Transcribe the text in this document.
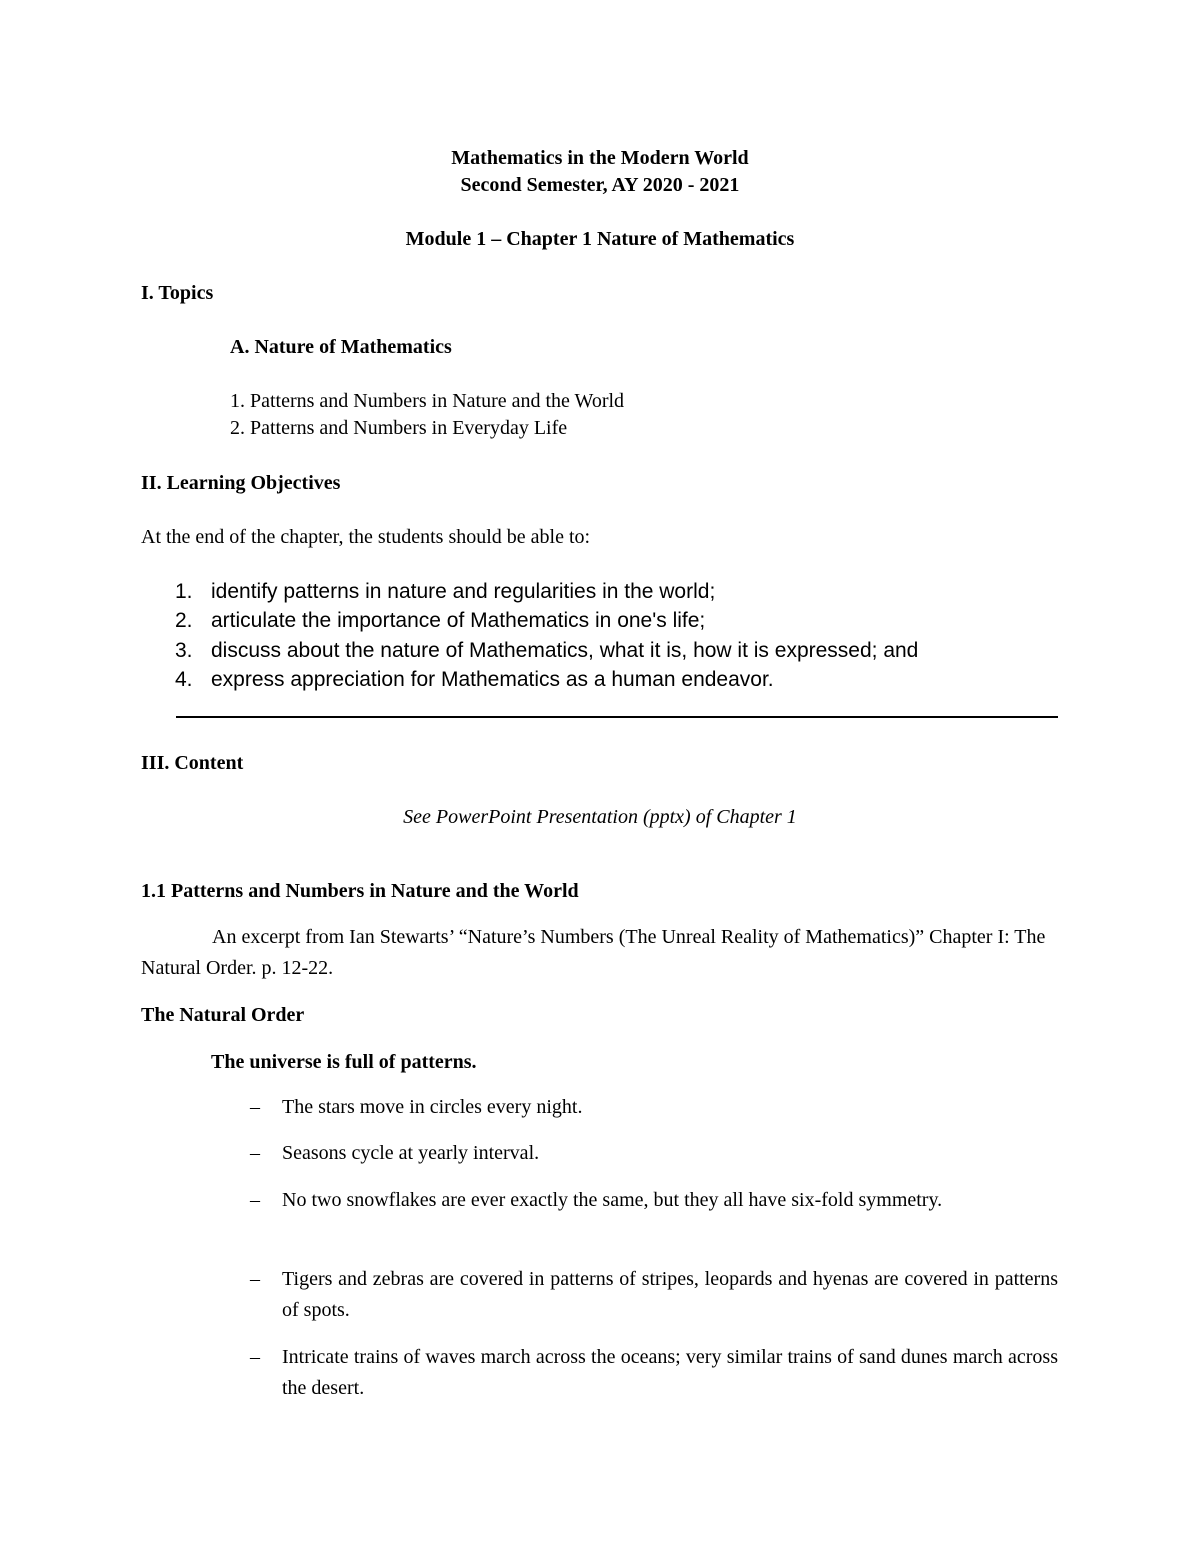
Mathematics in the Modern World
Second Semester, AY 2020 - 2021
Module 1 – Chapter 1 Nature of Mathematics
I. Topics
A. Nature of Mathematics
1. Patterns and Numbers in Nature and the World
2. Patterns and Numbers in Everyday Life
II. Learning Objectives
At the end of the chapter, the students should be able to:
1. identify patterns in nature and regularities in the world;
2. articulate the importance of Mathematics in one's life;
3. discuss about the nature of Mathematics, what it is, how it is expressed; and
4. express appreciation for Mathematics as a human endeavor.
III. Content
See PowerPoint Presentation (pptx) of Chapter 1
1.1 Patterns and Numbers in Nature and the World
An excerpt from Ian Stewarts’ “Nature’s Numbers (The Unreal Reality of Mathematics)” Chapter I: The Natural Order. p. 12-22.
The Natural Order
The universe is full of patterns.
– The stars move in circles every night.
– Seasons cycle at yearly interval.
– No two snowflakes are ever exactly the same, but they all have six-fold symmetry.
– Tigers and zebras are covered in patterns of stripes, leopards and hyenas are covered in patterns of spots.
– Intricate trains of waves march across the oceans; very similar trains of sand dunes march across the desert.
